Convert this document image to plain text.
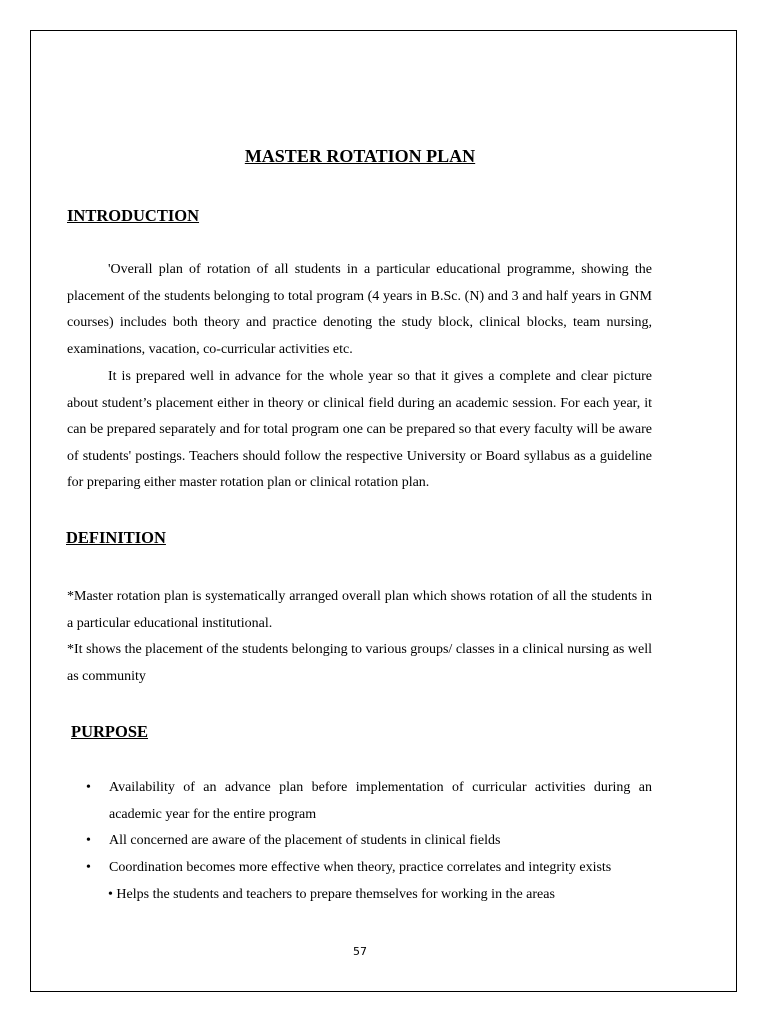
MASTER ROTATION PLAN
INTRODUCTION

'Overall plan of rotation of all students in a particular educational programme, showing the placement of the students belonging to total program (4 years in B.Sc. (N) and 3 and half years in GNM courses) includes both theory and practice denoting the study block, clinical blocks, team nursing, examinations, vacation, co-curricular activities etc.

It is prepared well in advance for the whole year so that it gives a complete and clear picture about student’s placement either in theory or clinical field during an academic session. For each year, it can be prepared separately and for total program one can be prepared so that every faculty will be aware of students' postings. Teachers should follow the respective University or Board syllabus as a guideline for preparing either master rotation plan or clinical rotation plan.

DEFINITION

*Master rotation plan is systematically arranged overall plan which shows rotation of all the students in a particular educational institutional.

*It shows the placement of the students belonging to various groups/ classes in a clinical nursing as well as community

PURPOSE
• Availability of an advance plan before implementation of curricular activities during an academic year for the entire program
• All concerned are aware of the placement of students in clinical fields
• Coordination becomes more effective when theory, practice correlates and integrity exists
• Helps the students and teachers to prepare themselves for working in the areas
57
